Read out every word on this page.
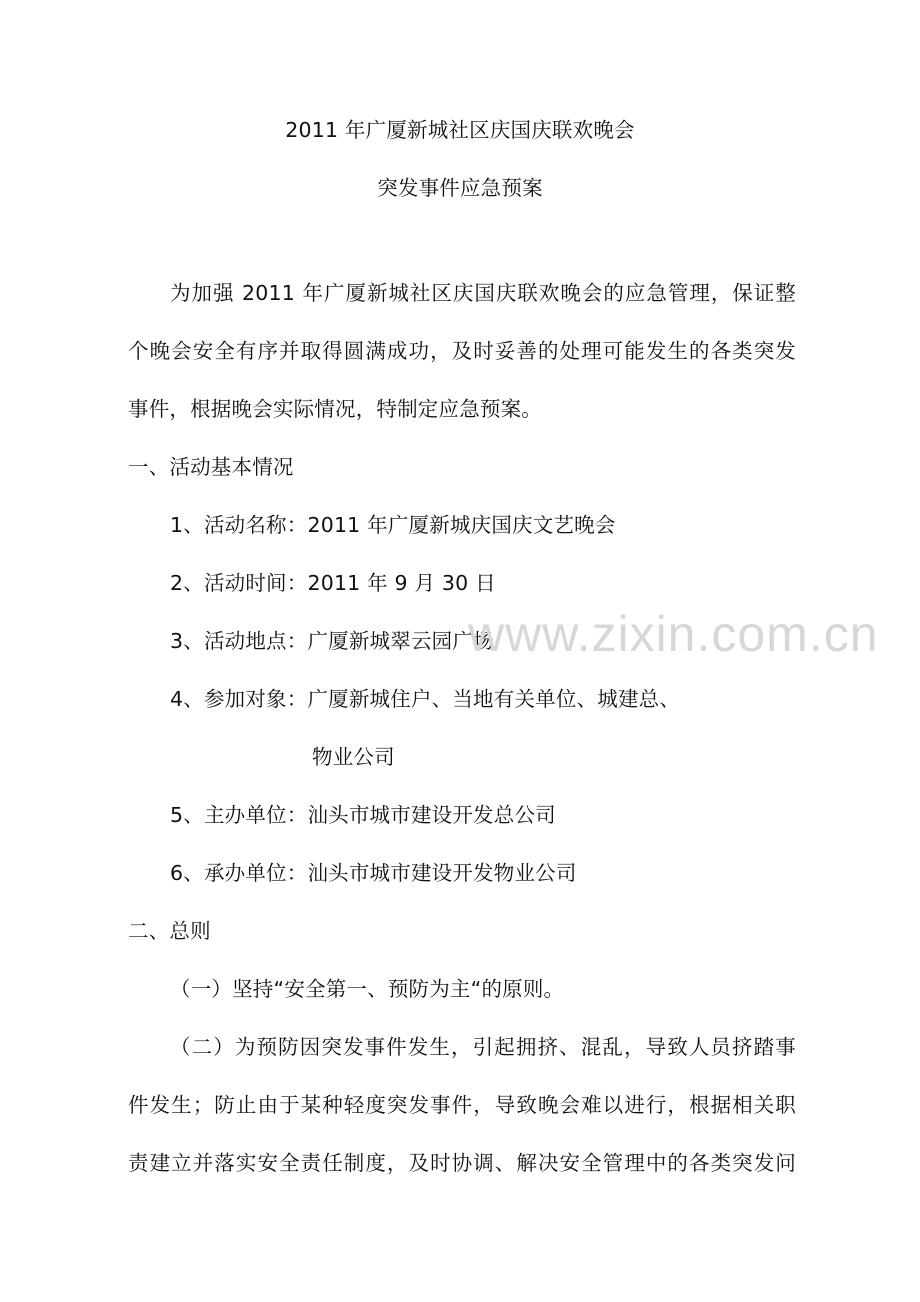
2011 年广厦新城社区庆国庆联欢晚会
突发事件应急预案
为加强 2011 年广厦新城社区庆国庆联欢晚会的应急管理，保证整
个晚会安全有序并取得圆满成功，及时妥善的处理可能发生的各类突发
事件，根据晚会实际情况，特制定应急预案。
一、活动基本情况
1、活动名称：2011 年广厦新城庆国庆文艺晚会
2、活动时间：2011 年 9 月 30 日
3、活动地点：广厦新城翠云园广场
4、参加对象：广厦新城住户、当地有关单位、城建总、
物业公司
5、主办单位：汕头市城市建设开发总公司
6、承办单位：汕头市城市建设开发物业公司
二、总则
（一）坚持“安全第一、预防为主“的原则。
（二）为预防因突发事件发生，引起拥挤、混乱，导致人员挤踏事
件发生；防止由于某种轻度突发事件，导致晚会难以进行，根据相关职
责建立并落实安全责任制度，及时协调、解决安全管理中的各类突发问
www.zixin.com.cn
